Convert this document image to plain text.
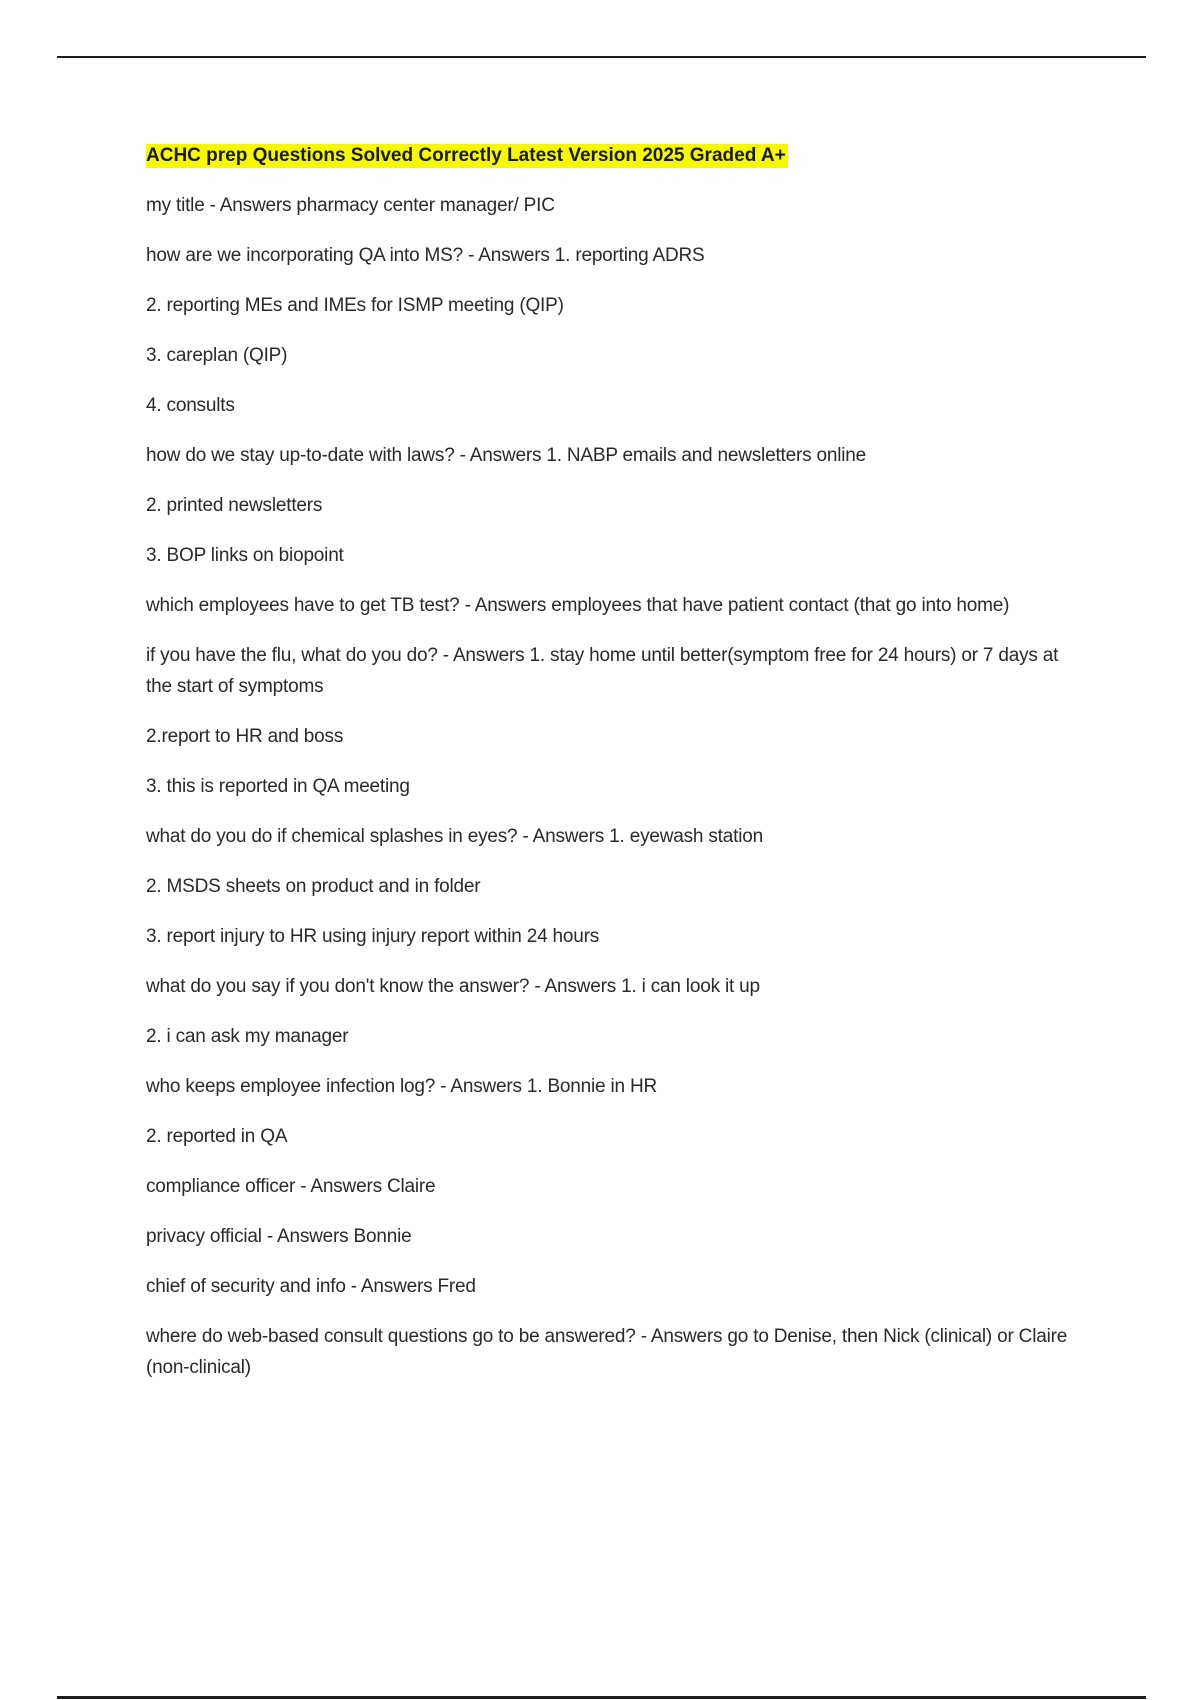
ACHC prep Questions Solved Correctly Latest Version 2025 Graded A+

my title - Answers pharmacy center manager/ PIC

how are we incorporating QA into MS? - Answers 1. reporting ADRS

2. reporting MEs and IMEs for ISMP meeting (QIP)

3. careplan (QIP)

4. consults

how do we stay up-to-date with laws? - Answers 1. NABP emails and newsletters online

2. printed newsletters

3. BOP links on biopoint

which employees have to get TB test? - Answers employees that have patient contact (that go into home)

if you have the flu, what do you do? - Answers 1. stay home until better(symptom free for 24 hours) or 7 days at the start of symptoms

2.report to HR and boss

3. this is reported in QA meeting

what do you do if chemical splashes in eyes? - Answers 1. eyewash station

2. MSDS sheets on product and in folder

3. report injury to HR using injury report within 24 hours

what do you say if you don't know the answer? - Answers 1. i can look it up

2. i can ask my manager

who keeps employee infection log? - Answers 1. Bonnie in HR

2. reported in QA

compliance officer - Answers Claire

privacy official - Answers Bonnie

chief of security and info - Answers Fred

where do web-based consult questions go to be answered? - Answers go to Denise, then Nick (clinical) or Claire (non-clinical)
